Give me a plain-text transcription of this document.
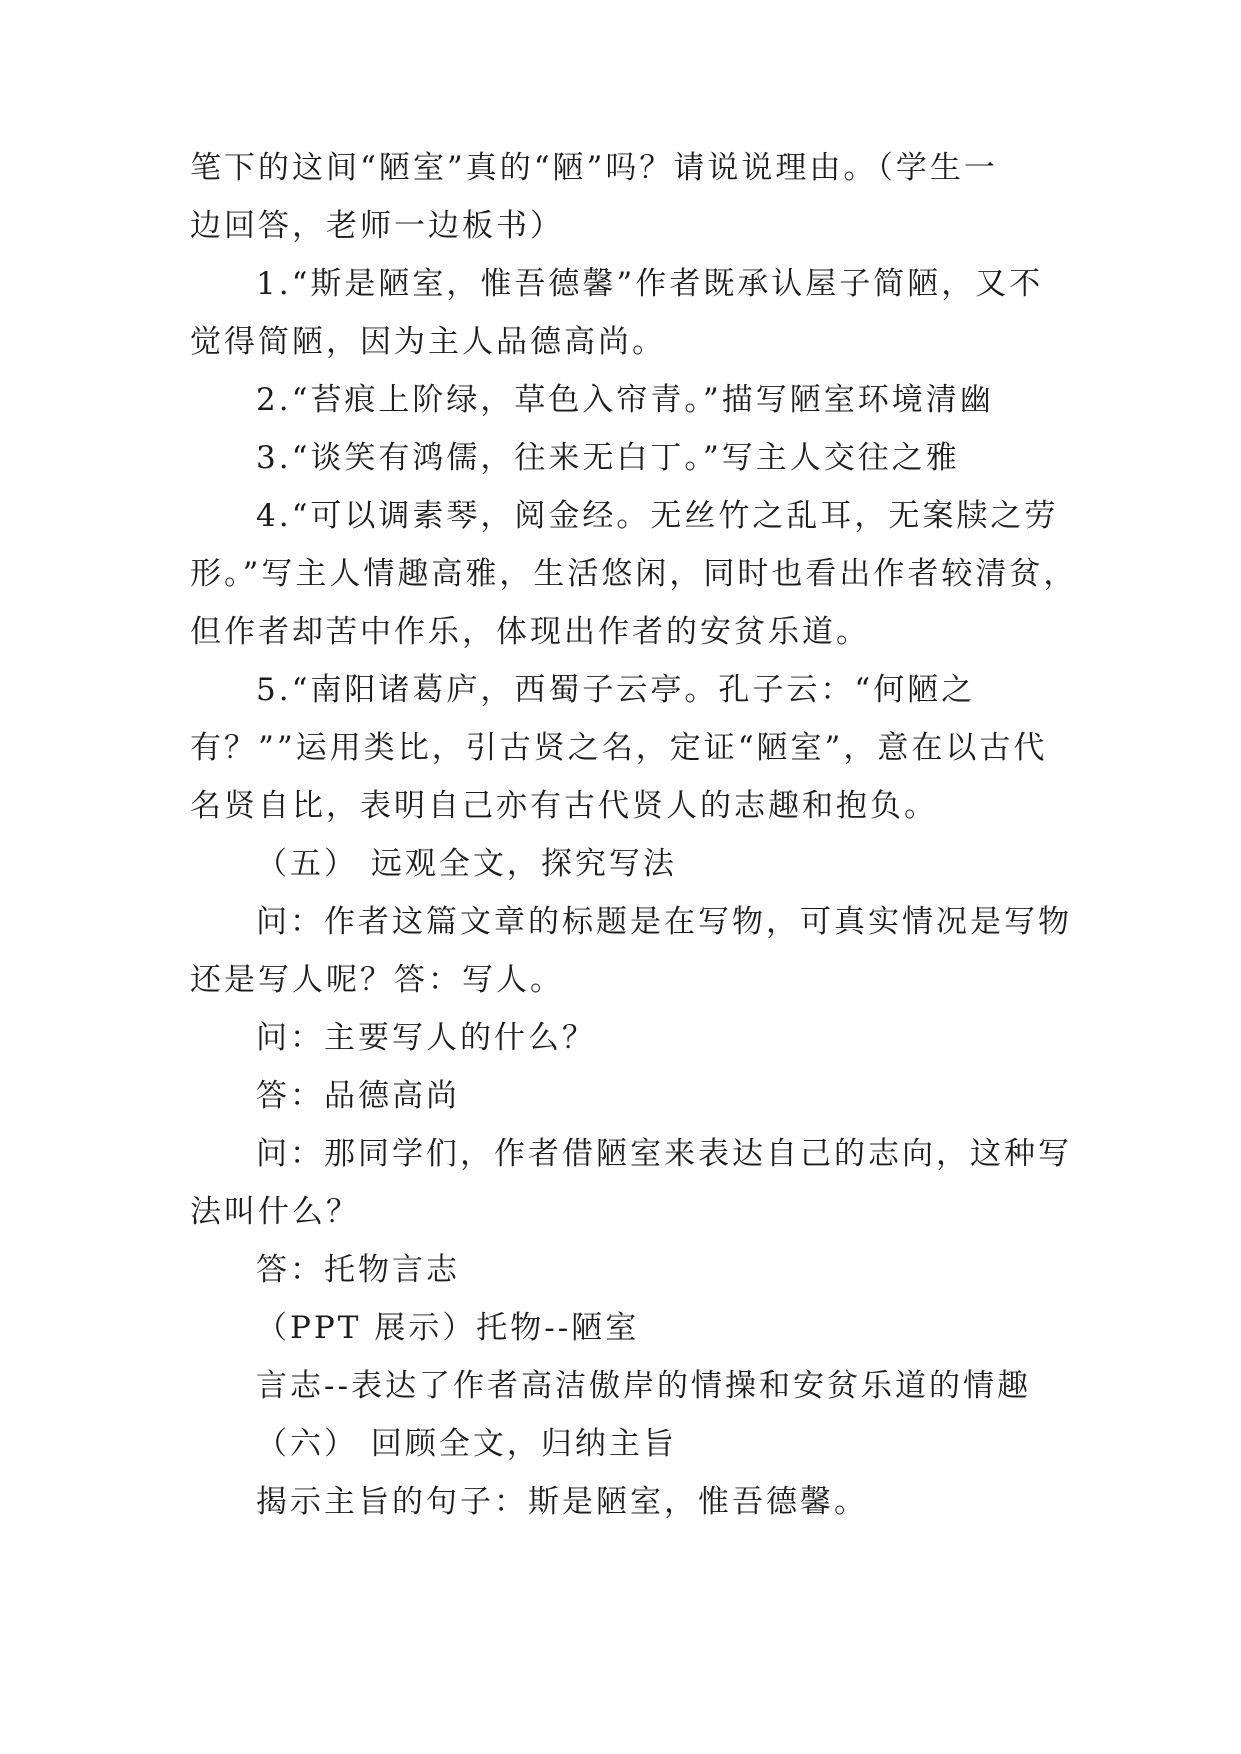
笔下的这间“陋室”真的“陋”吗？请说说理由。（学生一
边回答，老师一边板书）
1.“斯是陋室，惟吾德馨”作者既承认屋子简陋，又不
觉得简陋，因为主人品德高尚。
2.“苔痕上阶绿，草色入帘青。”描写陋室环境清幽
3.“谈笑有鸿儒，往来无白丁。”写主人交往之雅
4.“可以调素琴，阅金经。无丝竹之乱耳，无案牍之劳
形。”写主人情趣高雅，生活悠闲，同时也看出作者较清贫，
但作者却苦中作乐，体现出作者的安贫乐道。
5.“南阳诸葛庐，西蜀子云亭。孔子云：“何陋之
有？””运用类比，引古贤之名，定证“陋室”，意在以古代
名贤自比，表明自己亦有古代贤人的志趣和抱负。
（五） 远观全文，探究写法
问：作者这篇文章的标题是在写物，可真实情况是写物
还是写人呢？答：写人。
问：主要写人的什么？
答：品德高尚
问：那同学们，作者借陋室来表达自己的志向，这种写
法叫什么？
答：托物言志
（PPT 展示）托物--陋室
言志--表达了作者高洁傲岸的情操和安贫乐道的情趣
（六） 回顾全文，归纳主旨
揭示主旨的句子：斯是陋室，惟吾德馨。
